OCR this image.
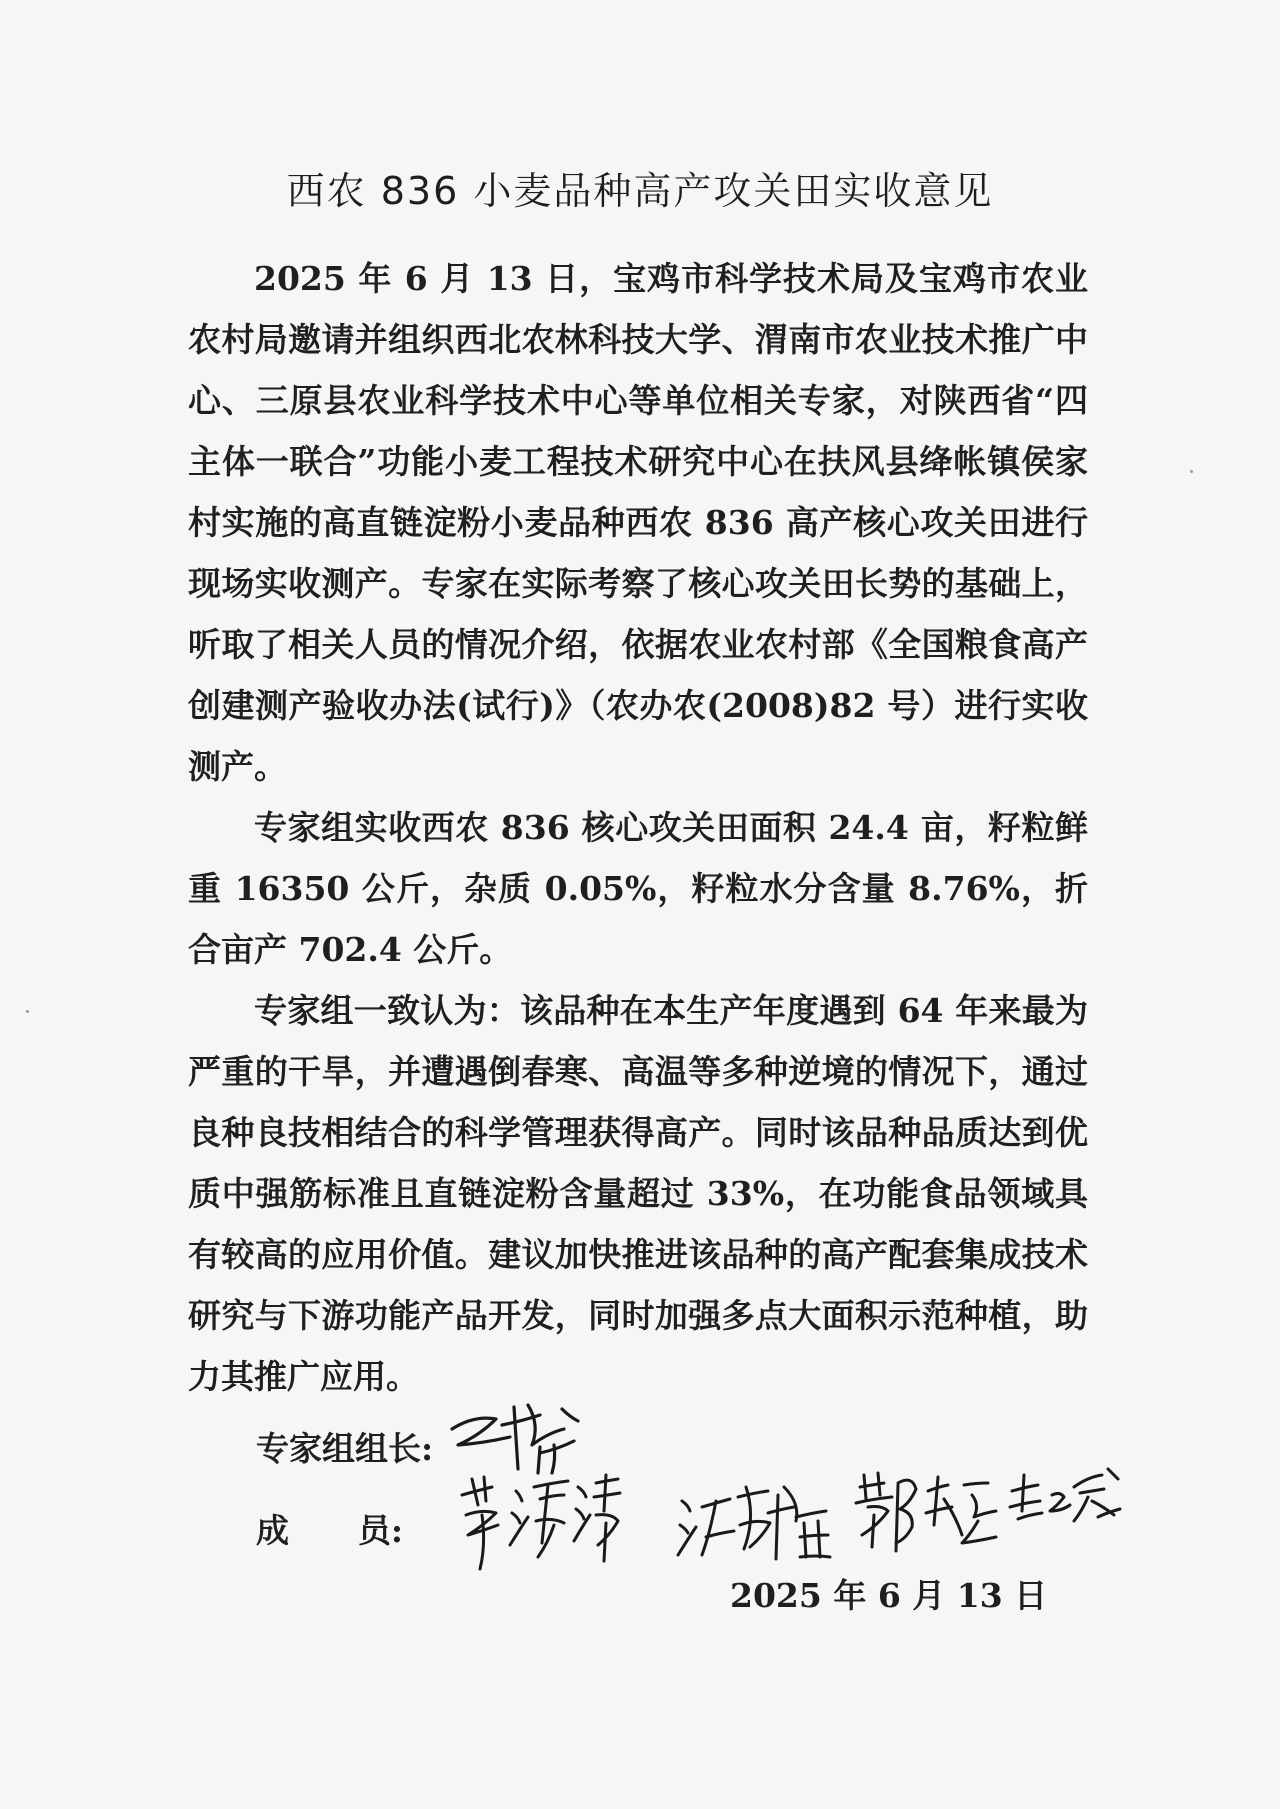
西农 836 小麦品种高产攻关田实收意见

2025 年 6 月 13 日，宝鸡市科学技术局及宝鸡市农业农村局邀请并组织西北农林科技大学、渭南市农业技术推广中心、三原县农业科学技术中心等单位相关专家，对陕西省“四主体一联合”功能小麦工程技术研究中心在扶风县绛帐镇侯家村实施的高直链淀粉小麦品种西农 836 高产核心攻关田进行现场实收测产。专家在实际考察了核心攻关田长势的基础上，听取了相关人员的情况介绍，依据农业农村部《全国粮食高产创建测产验收办法(试行)》（农办农(2008)82 号）进行实收测产。

专家组实收西农 836 核心攻关田面积 24.4 亩，籽粒鲜重 16350 公斤，杂质 0.05%，籽粒水分含量 8.76%，折合亩产 702.4 公斤。

专家组一致认为：该品种在本生产年度遇到 64 年来最为严重的干旱，并遭遇倒春寒、高温等多种逆境的情况下，通过良种良技相结合的科学管理获得高产。同时该品种品质达到优质中强筋标准且直链淀粉含量超过 33%，在功能食品领域具有较高的应用价值。建议加快推进该品种的高产配套集成技术研究与下游功能产品开发，同时加强多点大面积示范种植，助力其推广应用。

专家组组长:
成      员:
2025 年 6 月 13 日
